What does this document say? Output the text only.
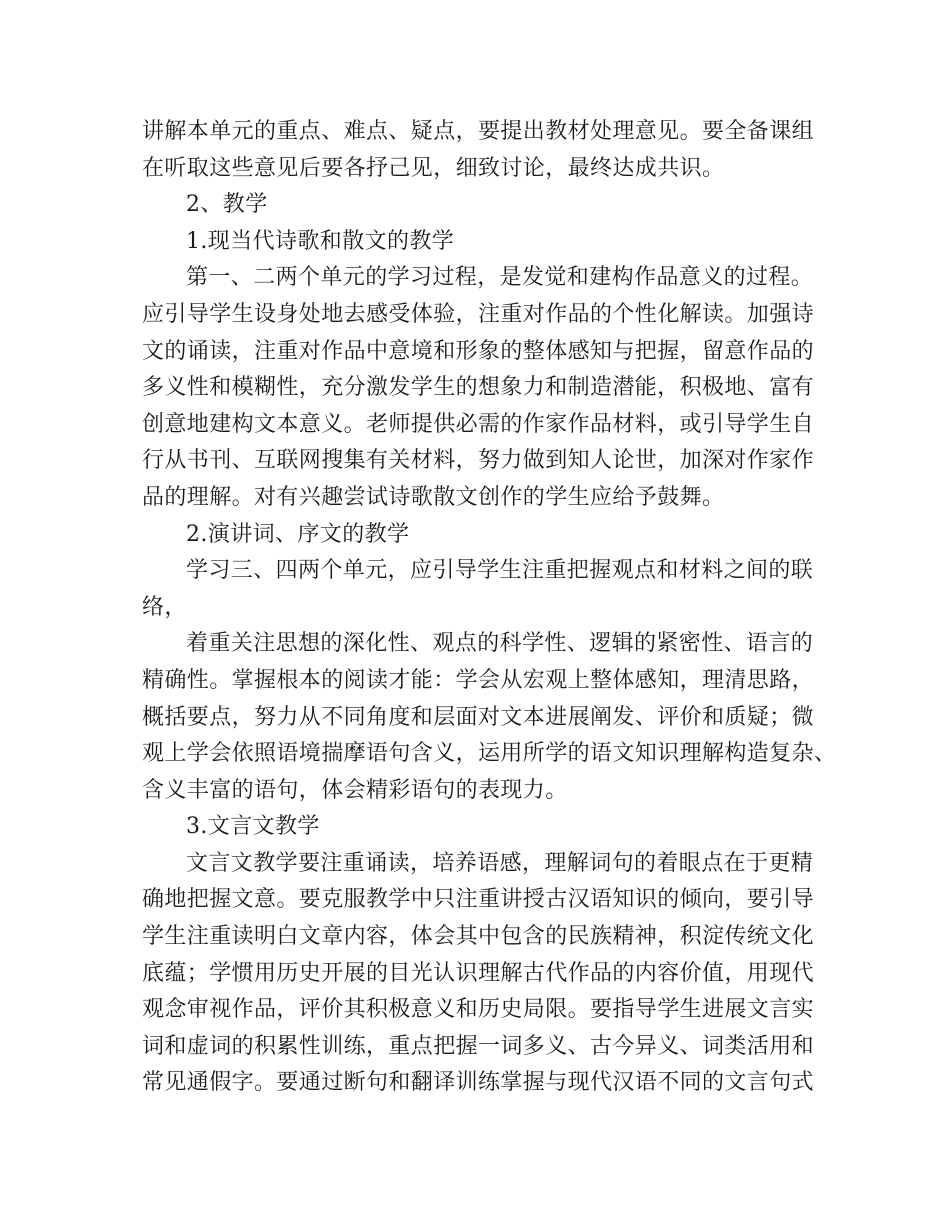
讲解本单元的重点、难点、疑点，要提出教材处理意见。要全备课组

在听取这些意见后要各抒己见，细致讨论，最终达成共识。

2、教学

1.现当代诗歌和散文的教学

第一、二两个单元的学习过程，是发觉和建构作品意义的过程。

应引导学生设身处地去感受体验，注重对作品的个性化解读。加强诗

文的诵读，注重对作品中意境和形象的整体感知与把握，留意作品的

多义性和模糊性，充分激发学生的想象力和制造潜能，积极地、富有

创意地建构文本意义。老师提供必需的作家作品材料，或引导学生自

行从书刊、互联网搜集有关材料，努力做到知人论世，加深对作家作

品的理解。对有兴趣尝试诗歌散文创作的学生应给予鼓舞。

2.演讲词、序文的教学

学习三、四两个单元，应引导学生注重把握观点和材料之间的联

络，

着重关注思想的深化性、观点的科学性、逻辑的紧密性、语言的

精确性。掌握根本的阅读才能：学会从宏观上整体感知，理清思路，

概括要点，努力从不同角度和层面对文本进展阐发、评价和质疑；微

观上学会依照语境揣摩语句含义，运用所学的语文知识理解构造复杂、

含义丰富的语句，体会精彩语句的表现力。

3.文言文教学

文言文教学要注重诵读，培养语感，理解词句的着眼点在于更精

确地把握文意。要克服教学中只注重讲授古汉语知识的倾向，要引导

学生注重读明白文章内容，体会其中包含的民族精神，积淀传统文化

底蕴；学惯用历史开展的目光认识理解古代作品的内容价值，用现代

观念审视作品，评价其积极意义和历史局限。要指导学生进展文言实

词和虚词的积累性训练，重点把握一词多义、古今异义、词类活用和

常见通假字。要通过断句和翻译训练掌握与现代汉语不同的文言句式
